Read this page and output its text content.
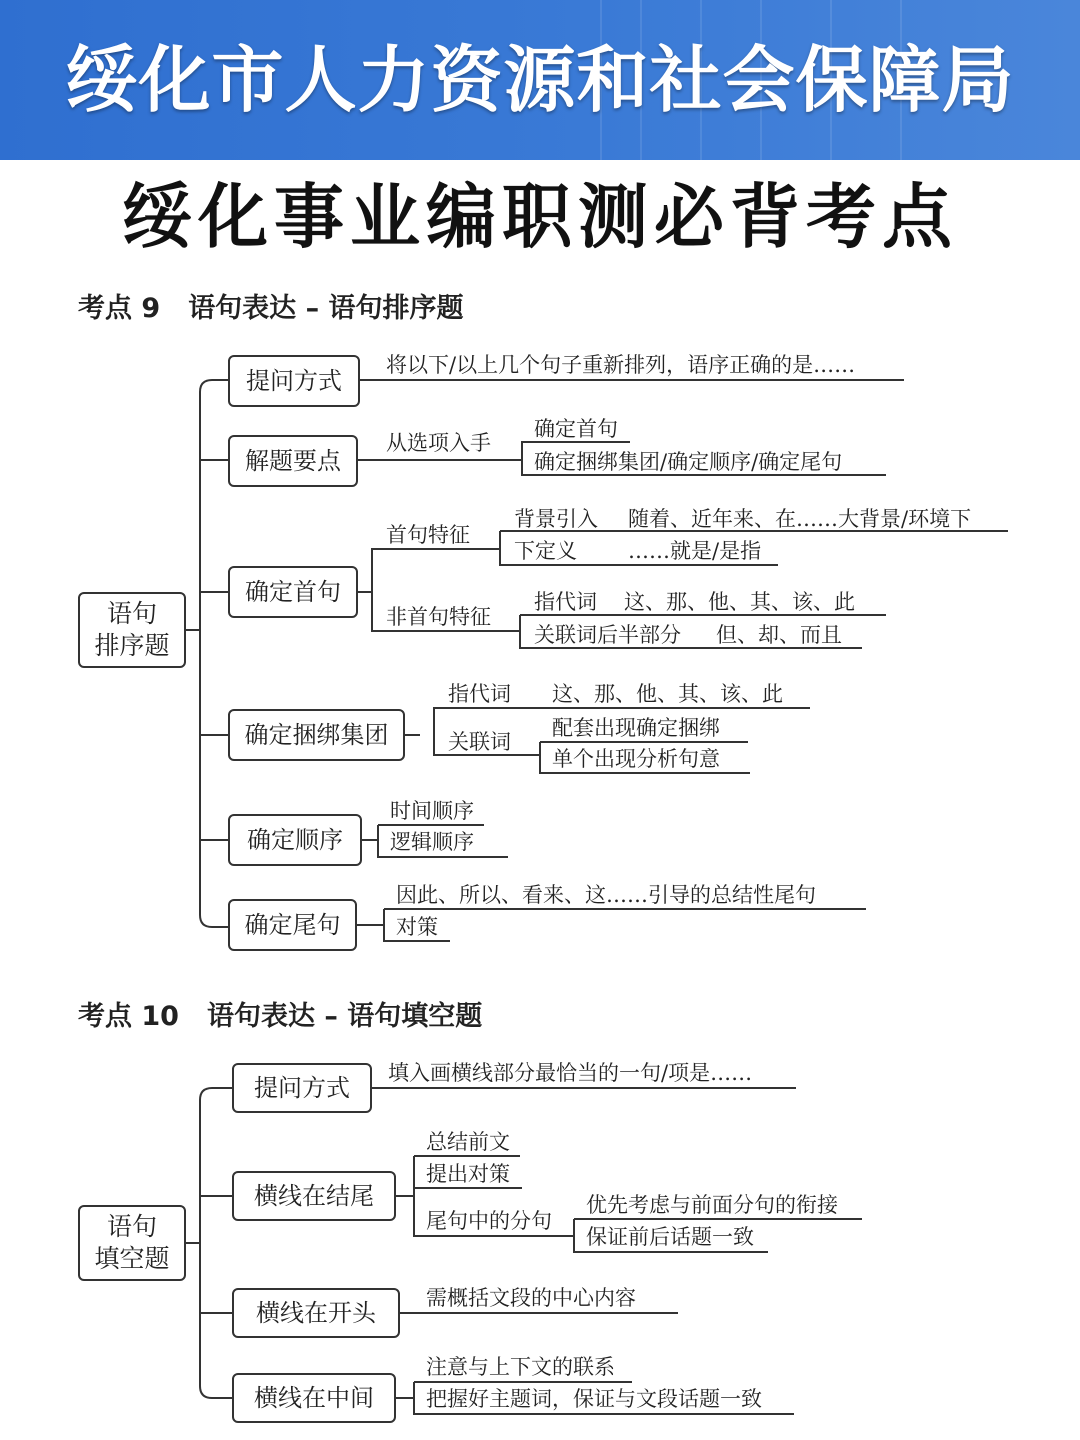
绥化市人力资源和社会保障局
绥化事业编职测必背考点
考点 9 语句表达 – 语句排序题
语句
排序题
提问方式
将以下/以上几个句子重新排列，语序正确的是……
解题要点
从选项入手
确定首句
确定捆绑集团/确定顺序/确定尾句
确定首句
首句特征
背景引入 随着、近年来、在……大背景/环境下
下定义 ……就是/是指
非首句特征
指代词 这、那、他、其、该、此
关联词后半部分 但、却、而且
确定捆绑集团
指代词 这、那、他、其、该、此
关联词
配套出现确定捆绑
单个出现分析句意
确定顺序
时间顺序
逻辑顺序
确定尾句
因此、所以、看来、这……引导的总结性尾句
对策
考点 10 语句表达 – 语句填空题
语句
填空题
提问方式
填入画横线部分最恰当的一句/项是……
横线在结尾
总结前文
提出对策
尾句中的分句
优先考虑与前面分句的衔接
保证前后话题一致
横线在开头
需概括文段的中心内容
横线在中间
注意与上下文的联系
把握好主题词，保证与文段话题一致
